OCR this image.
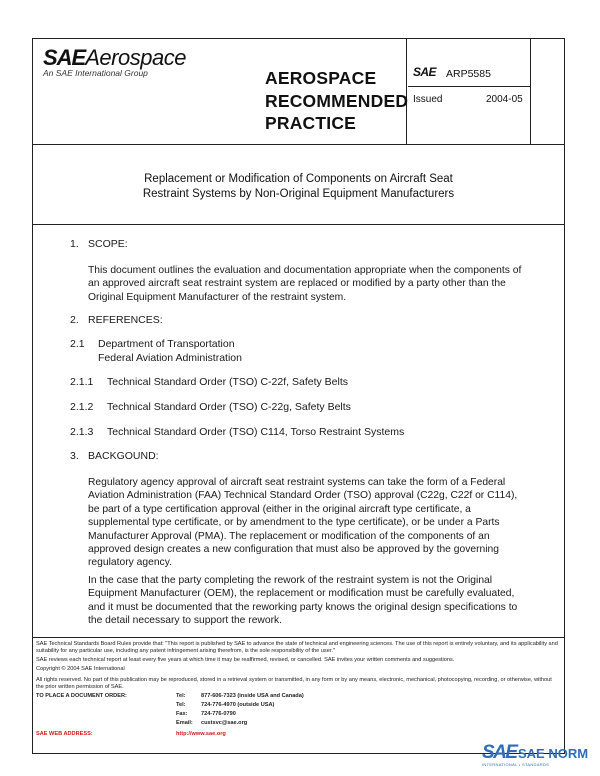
SAEAerospace
An SAE International Group	AEROSPACE
RECOMMENDED
PRACTICE
SAE ARP5585
Issued	2004-05
Replacement or Modification of Components on Aircraft Seat
Restraint Systems by Non-Original Equipment Manufacturers
1. SCOPE:
This document outlines the evaluation and documentation appropriate when the components of an approved aircraft seat restraint system are replaced or modified by a party other than the Original Equipment Manufacturer of the restraint system.
2. REFERENCES:
2.1 Department of Transportation
Federal Aviation Administration
2.1.1 Technical Standard Order (TSO) C-22f, Safety Belts
2.1.2 Technical Standard Order (TSO) C-22g, Safety Belts
2.1.3 Technical Standard Order (TSO) C114, Torso Restraint Systems
3. BACKGOUND:
Regulatory agency approval of aircraft seat restraint systems can take the form of a Federal Aviation Administration (FAA) Technical Standard Order (TSO) approval (C22g, C22f or C114), be part of a type certification approval (either in the original aircraft type certificate, a supplemental type certificate, or by amendment to the type certificate), or be under a Parts Manufacturer Approval (PMA). The replacement or modification of the components of an approved design creates a new configuration that must also be approved by the governing regulatory agency.
In the case that the party completing the rework of the restraint system is not the Original Equipment Manufacturer (OEM), the replacement or modification must be carefully evaluated, and it must be documented that the reworking party knows the original design specifications to the detail necessary to support the rework.
SAE Technical Standards Board Rules provide that: "This report is published by SAE to advance the state of technical and engineering sciences. The use of this report is entirely voluntary, and its applicability and suitability for any particular use, including any patent infringement arising therefrom, is the sole responsibility of the user."
SAE reviews each technical report at least every five years at which time it may be reaffirmed, revised, or cancelled. SAE invites your written comments and suggestions.
Copyright © 2004 SAE International
All rights reserved. No part of this publication may be reproduced, stored in a retrieval system or transmitted, in any form or by any means, electronic, mechanical, photocopying, recording, or otherwise, without the prior written permission of SAE.
TO PLACE A DOCUMENT ORDER:	Tel:	877-606-7323 (inside USA and Canada)
Tel:	724-776-4970 (outside USA)
Fax: 724-776-0790
Email: custsvc@sae.org
SAE WEB ADDRESS:	http://www.sae.org
SAE SAE NORM
INTERNATIONAL • STANDARDS
